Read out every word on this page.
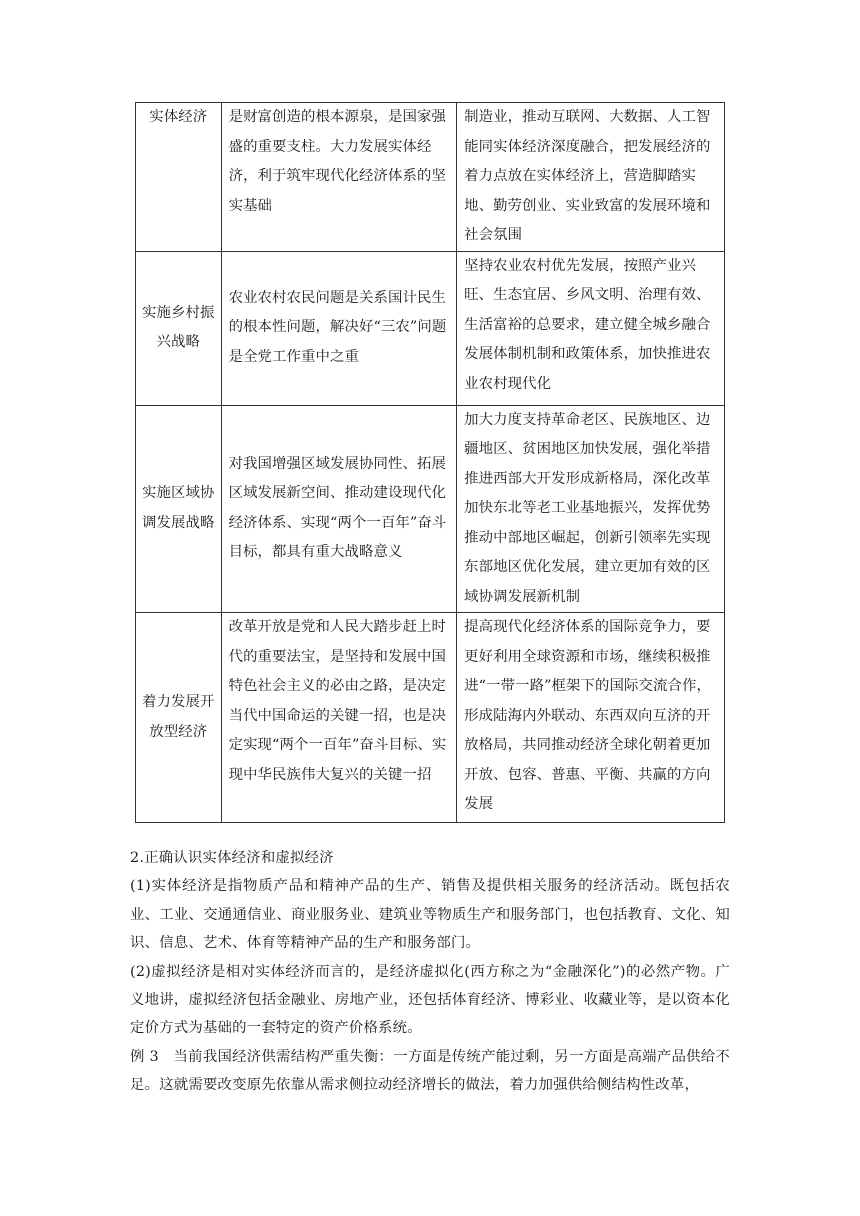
实体经济	是财富创造的根本源泉，是国家强盛的重要支柱。大力发展实体经济，利于筑牢现代化经济体系的坚实基础	制造业，推动互联网、大数据、人工智能同实体经济深度融合，把发展经济的着力点放在实体经济上，营造脚踏实地、勤劳创业、实业致富的发展环境和社会氛围
实施乡村振兴战略	农业农村农民问题是关系国计民生的根本性问题，解决好“三农”问题是全党工作重中之重	坚持农业农村优先发展，按照产业兴旺、生态宜居、乡风文明、治理有效、生活富裕的总要求，建立健全城乡融合发展体制机制和政策体系，加快推进农业农村现代化
实施区域协调发展战略	对我国增强区域发展协同性、拓展区域发展新空间、推动建设现代化经济体系、实现“两个一百年”奋斗目标，都具有重大战略意义	加大力度支持革命老区、民族地区、边疆地区、贫困地区加快发展，强化举措推进西部大开发形成新格局，深化改革加快东北等老工业基地振兴，发挥优势推动中部地区崛起，创新引领率先实现东部地区优化发展，建立更加有效的区域协调发展新机制
着力发展开放型经济	改革开放是党和人民大踏步赶上时代的重要法宝，是坚持和发展中国特色社会主义的必由之路，是决定当代中国命运的关键一招，也是决定实现“两个一百年”奋斗目标、实现中华民族伟大复兴的关键一招	提高现代化经济体系的国际竞争力，要更好利用全球资源和市场，继续积极推进“一带一路”框架下的国际交流合作，形成陆海内外联动、东西双向互济的开放格局，共同推动经济全球化朝着更加开放、包容、普惠、平衡、共赢的方向发展

2.正确认识实体经济和虚拟经济

(1)实体经济是指物质产品和精神产品的生产、销售及提供相关服务的经济活动。既包括农业、工业、交通通信业、商业服务业、建筑业等物质生产和服务部门，也包括教育、文化、知识、信息、艺术、体育等精神产品的生产和服务部门。

(2)虚拟经济是相对实体经济而言的，是经济虚拟化(西方称之为“金融深化”)的必然产物。广义地讲，虚拟经济包括金融业、房地产业，还包括体育经济、博彩业、收藏业等，是以资本化定价方式为基础的一套特定的资产价格系统。

例 3　当前我国经济供需结构严重失衡：一方面是传统产能过剩，另一方面是高端产品供给不足。这就需要改变原先依靠从需求侧拉动经济增长的做法，着力加强供给侧结构性改革，
